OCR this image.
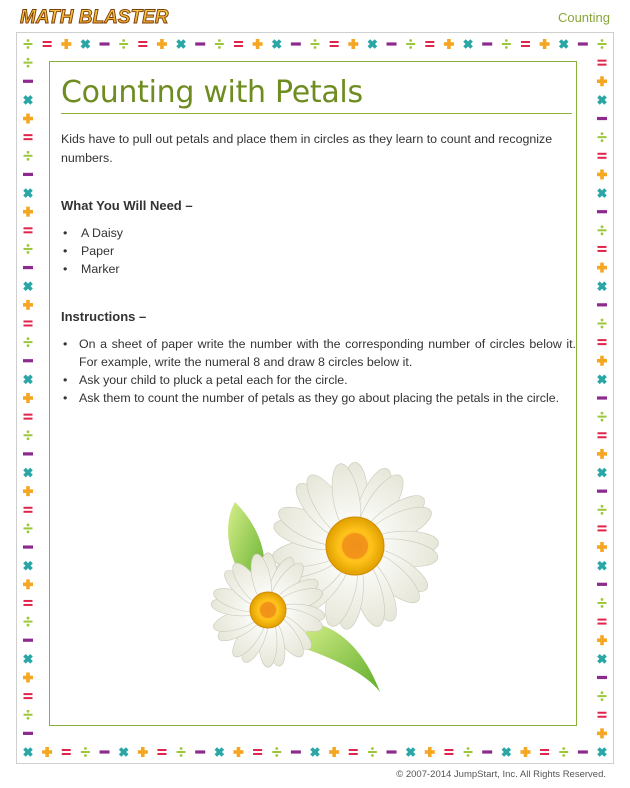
MATH BLASTER	Counting
Counting with Petals

Kids have to pull out petals and place them in circles as they learn to count and recognize numbers.

What You Will Need –
• A Daisy
• Paper
• Marker
Instructions –
• On a sheet of paper write the number with the corresponding number of circles below it. For example, write the numeral 8 and draw 8 circles below it.
• Ask your child to pluck a petal each for the circle.
• Ask them to count the number of petals as they go about placing the petals in the circle.
© 2007-2014 JumpStart, Inc. All Rights Reserved.
